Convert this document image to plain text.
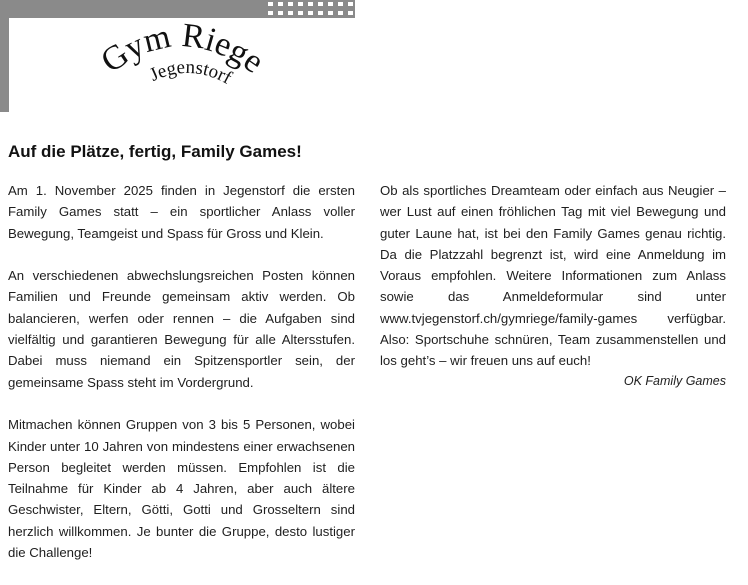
Gym Riege
Jegenstorf
Auf die Plätze, fertig, Family Games!

Am 1. November 2025 finden in Jegenstorf die ersten Family Games statt – ein sportlicher Anlass voller Bewegung, Teamgeist und Spass für Gross und Klein.

An verschiedenen abwechslungsreichen Posten können Familien und Freunde gemeinsam aktiv werden. Ob balancieren, werfen oder rennen – die Aufgaben sind vielfältig und garantieren Bewegung für alle Altersstufen. Dabei muss niemand ein Spitzensportler sein, der gemeinsame Spass steht im Vordergrund.

Mitmachen können Gruppen von 3 bis 5 Personen, wobei Kinder unter 10 Jahren von mindestens einer erwachsenen Person begleitet werden müssen. Empfohlen ist die Teilnahme für Kinder ab 4 Jahren, aber auch ältere Geschwister, Eltern, Götti, Gotti und Grosseltern sind herzlich willkommen. Je bunter die Gruppe, desto lustiger die Challenge!

Ob als sportliches Dreamteam oder einfach aus Neugier – wer Lust auf einen fröhlichen Tag mit viel Bewegung und guter Laune hat, ist bei den Family Games genau richtig. Da die Platzzahl begrenzt ist, wird eine Anmeldung im Voraus empfohlen. Weitere Informationen zum Anlass sowie das Anmeldeformular sind unter www.tvjegenstorf.ch/gymriege/family-games verfügbar. Also: Sportschuhe schnüren, Team zusammenstellen und los geht’s – wir freuen uns auf euch!

OK Family Games
